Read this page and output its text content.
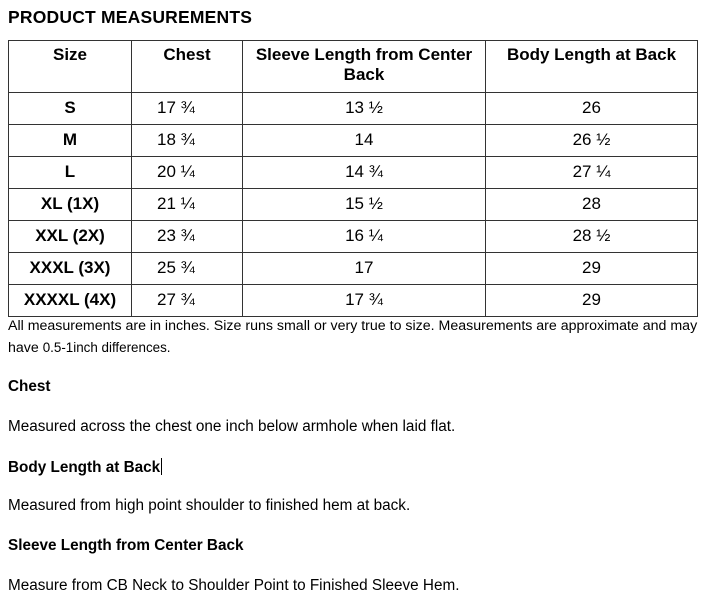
PRODUCT MEASUREMENTS
Size	Chest	Sleeve Length from Center Back	Body Length at Back
S	17 ¾	13 ½	26
M	18 ¾	14	26 ½
L	20 ¼	14 ¾	27 ¼
XL (1X)	21 ¼	15 ½	28
XXL (2X)	23 ¾	16 ¼	28 ½
XXXL (3X)	25 ¾	17	29
XXXXL (4X)	27 ¾	17 ¾	29
All measurements are in inches. Size runs small or very true to size. Measurements are approximate and may have 0.5-1inch differences.
Chest
Measured across the chest one inch below armhole when laid flat.
Body Length at Back
Measured from high point shoulder to finished hem at back.
Sleeve Length from Center Back
Measure from CB Neck to Shoulder Point to Finished Sleeve Hem.
